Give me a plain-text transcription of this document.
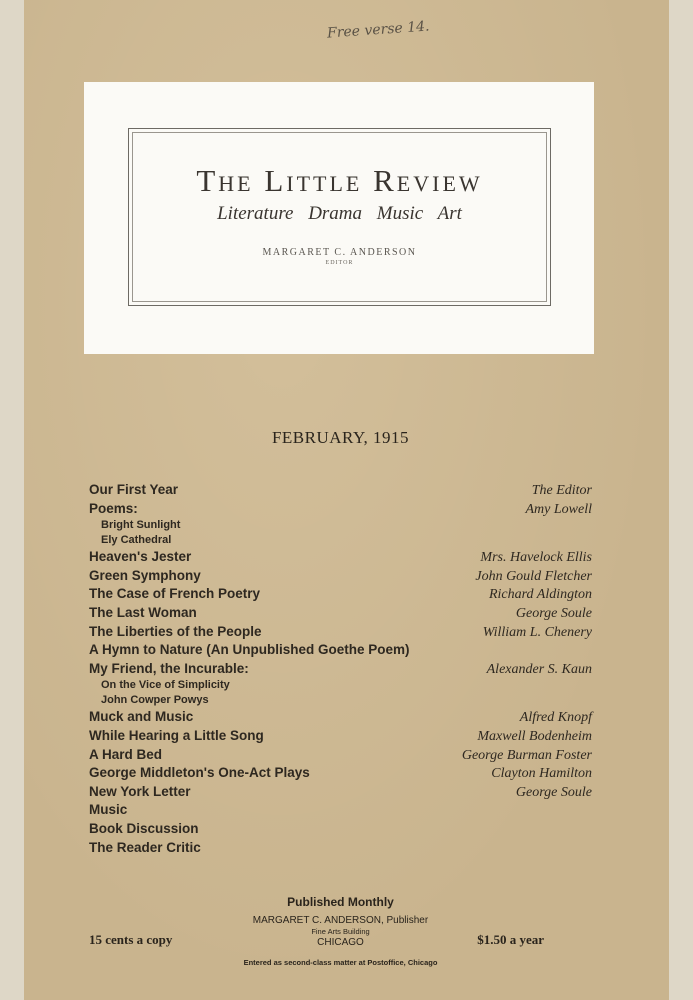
Free verse 14.
The Little Review
Literature Drama Music Art
MARGARET C. ANDERSON
EDITOR
FEBRUARY, 1915
Our First Year	The Editor
Poems:	Amy Lowell
Bright Sunlight
Ely Cathedral
Heaven's Jester	Mrs. Havelock Ellis
Green Symphony	John Gould Fletcher
The Case of French Poetry	Richard Aldington
The Last Woman	George Soule
The Liberties of the People	William L. Chenery
A Hymn to Nature (An Unpublished Goethe Poem)
My Friend, the Incurable:	Alexander S. Kaun
On the Vice of Simplicity
John Cowper Powys
Muck and Music	Alfred Knopf
While Hearing a Little Song	Maxwell Bodenheim
A Hard Bed	George Burman Foster
George Middleton's One-Act Plays	Clayton Hamilton
New York Letter	George Soule
Music
Book Discussion
The Reader Critic
Published Monthly
MARGARET C. ANDERSON, Publisher
Fine Arts Building
CHICAGO
15 cents a copy	$1.50 a year
Entered as second-class matter at Postoffice, Chicago
